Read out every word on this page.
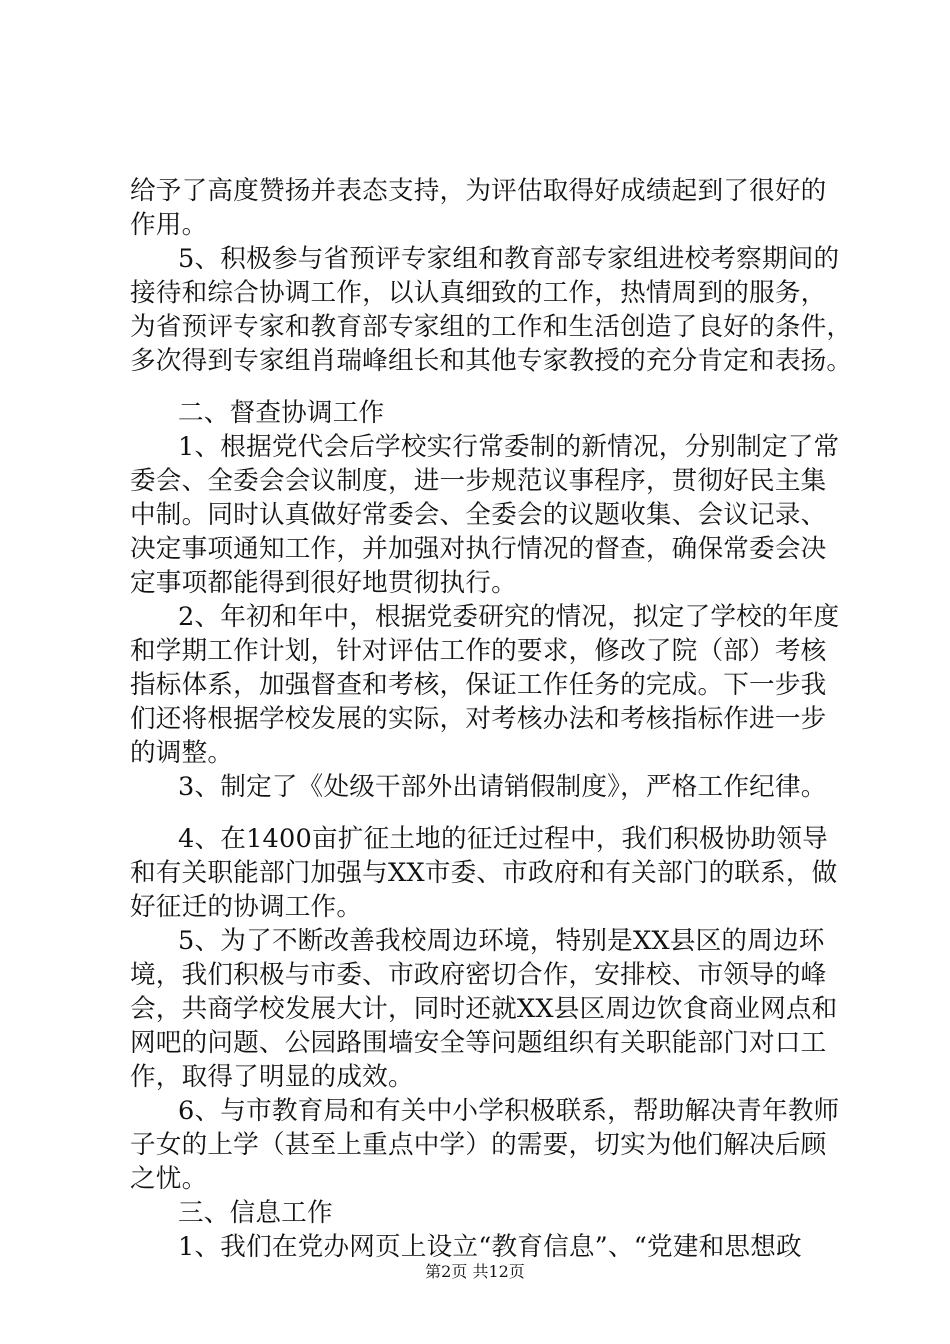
给予了高度赞扬并表态支持，为评估取得好成绩起到了很好的
作用。
5、积极参与省预评专家组和教育部专家组进校考察期间的
接待和综合协调工作，以认真细致的工作，热情周到的服务，
为省预评专家和教育部专家组的工作和生活创造了良好的条件，
多次得到专家组肖瑞峰组长和其他专家教授的充分肯定和表扬。
二、督查协调工作
1、根据党代会后学校实行常委制的新情况，分别制定了常
委会、全委会会议制度，进一步规范议事程序，贯彻好民主集
中制。同时认真做好常委会、全委会的议题收集、会议记录、
决定事项通知工作，并加强对执行情况的督查，确保常委会决
定事项都能得到很好地贯彻执行。
2、年初和年中，根据党委研究的情况，拟定了学校的年度
和学期工作计划，针对评估工作的要求，修改了院（部）考核
指标体系，加强督查和考核，保证工作任务的完成。下一步我
们还将根据学校发展的实际，对考核办法和考核指标作进一步
的调整。
3、制定了《处级干部外出请销假制度》，严格工作纪律。
4、在1400亩扩征土地的征迁过程中，我们积极协助领导
和有关职能部门加强与XX市委、市政府和有关部门的联系，做
好征迁的协调工作。
5、为了不断改善我校周边环境，特别是XX县区的周边环
境，我们积极与市委、市政府密切合作，安排校、市领导的峰
会，共商学校发展大计，同时还就XX县区周边饮食商业网点和
网吧的问题、公园路围墙安全等问题组织有关职能部门对口工
作，取得了明显的成效。
6、与市教育局和有关中小学积极联系，帮助解决青年教师
子女的上学（甚至上重点中学）的需要，切实为他们解决后顾
之忧。
三、信息工作
1、我们在党办网页上设立“教育信息”、“党建和思想政
第2页 共12页
